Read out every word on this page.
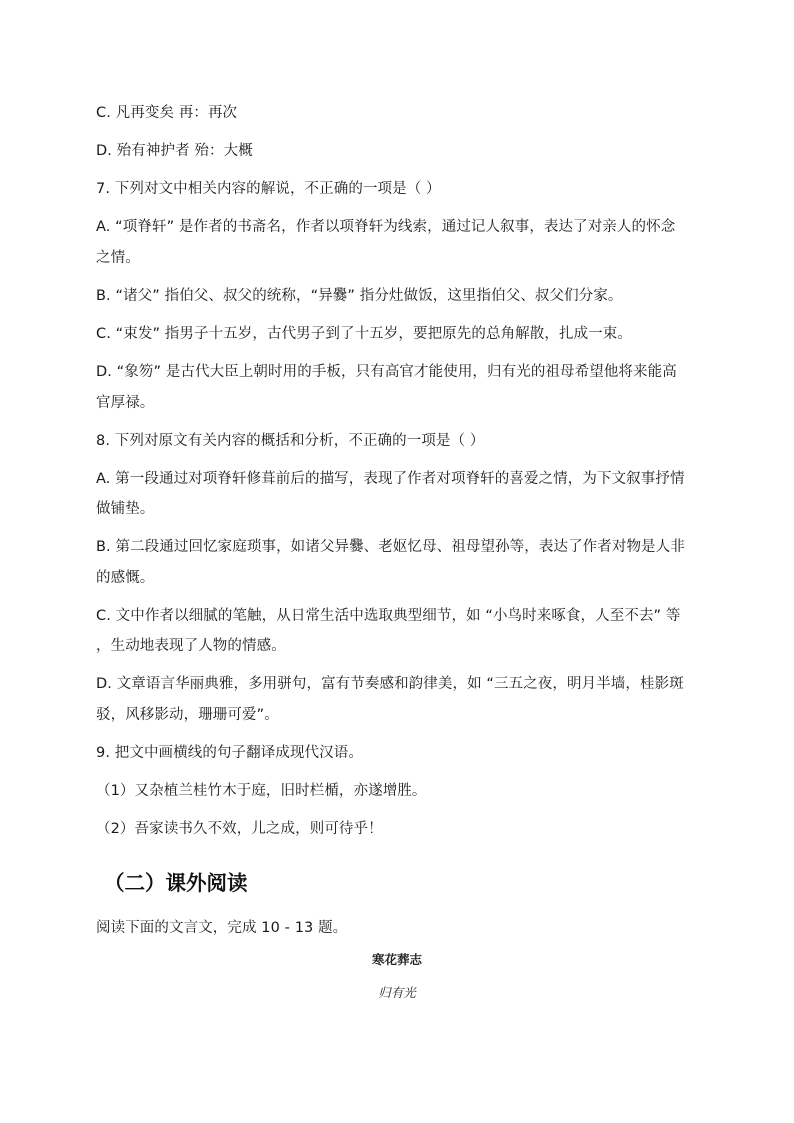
C. 凡再变矣 再：再次
D. 殆有神护者 殆：大概
7. 下列对文中相关内容的解说，不正确的一项是（ ）
A. “项脊轩” 是作者的书斋名，作者以项脊轩为线索，通过记人叙事，表达了对亲人的怀念
之情。
B. “诸父” 指伯父、叔父的统称，“异爨” 指分灶做饭，这里指伯父、叔父们分家。
C. “束发” 指男子十五岁，古代男子到了十五岁，要把原先的总角解散，扎成一束。
D. “象笏” 是古代大臣上朝时用的手板，只有高官才能使用，归有光的祖母希望他将来能高
官厚禄。
8. 下列对原文有关内容的概括和分析，不正确的一项是（ ）
A. 第一段通过对项脊轩修葺前后的描写，表现了作者对项脊轩的喜爱之情，为下文叙事抒情
做铺垫。
B. 第二段通过回忆家庭琐事，如诸父异爨、老妪忆母、祖母望孙等，表达了作者对物是人非
的感慨。
C. 文中作者以细腻的笔触，从日常生活中选取典型细节，如 “小鸟时来啄食，人至不去” 等
，生动地表现了人物的情感。
D. 文章语言华丽典雅，多用骈句，富有节奏感和韵律美，如 “三五之夜，明月半墙，桂影斑
驳，风移影动，珊珊可爱”。
9. 把文中画横线的句子翻译成现代汉语。
（1）又杂植兰桂竹木于庭，旧时栏楯，亦遂增胜。
（2）吾家读书久不效，儿之成，则可待乎！
（二）课外阅读
阅读下面的文言文，完成 10 - 13 题。
寒花葬志
归有光
